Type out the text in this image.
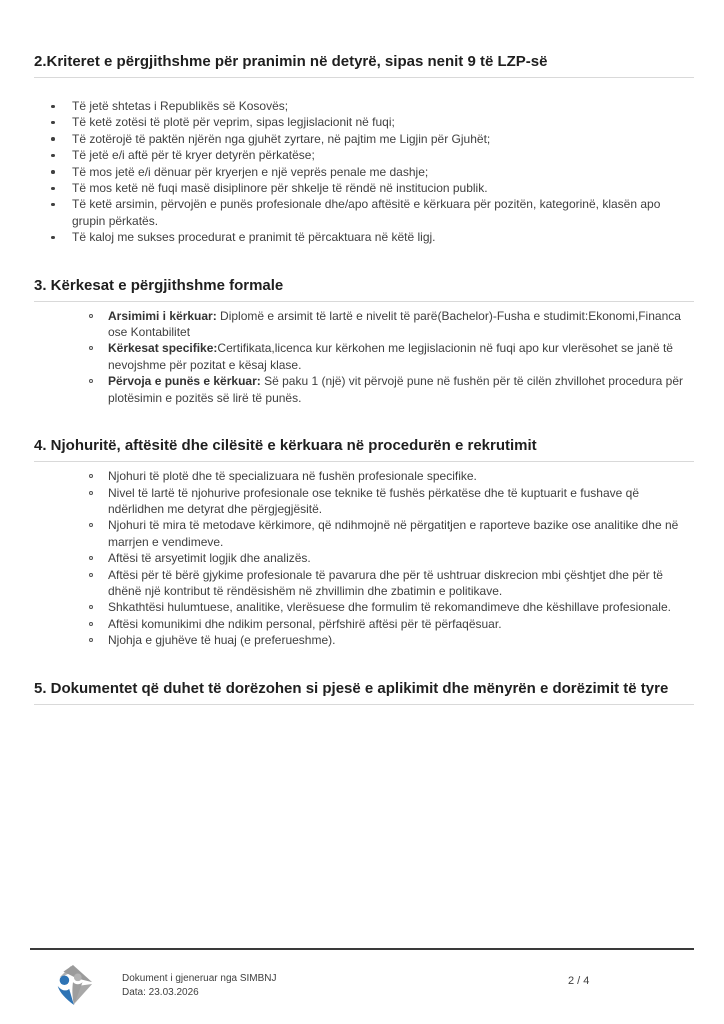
2.Kriteret e përgjithshme për pranimin në detyrë, sipas nenit 9 të LZP-së
Të jetë shtetas i Republikës së Kosovës;
Të ketë zotësi të plotë për veprim, sipas legjislacionit në fuqi;
Të zotërojë të paktën njërën nga gjuhët zyrtare, në pajtim me Ligjin për Gjuhët;
Të jetë e/i aftë për të kryer detyrën përkatëse;
Të mos jetë e/i dënuar për kryerjen e një veprës penale me dashje;
Të mos ketë në fuqi masë disiplinore për shkelje të rëndë në institucion publik.
Të ketë arsimin, përvojën e punës profesionale dhe/apo aftësitë e kërkuara për pozitën, kategorinë, klasën apo grupin përkatës.
Të kaloj me sukses procedurat e pranimit të përcaktuara në këtë ligj.
3. Kërkesat e përgjithshme formale
Arsimimi i kërkuar: Diplomë e arsimit të lartë e nivelit të parë(Bachelor)-Fusha e studimit:Ekonomi,Financa ose Kontabilitet
Kërkesat specifike:Certifikata,licenca kur kërkohen me legjislacionin në fuqi apo kur vlerësohet se janë të nevojshme për pozitat e kësaj klase.
Përvoja e punës e kërkuar: Së paku 1 (një) vit përvojë pune në fushën për të cilën zhvillohet procedura për plotësimin e pozitës së lirë të punës.
4. Njohuritë, aftësitë dhe cilësitë e kërkuara në procedurën e rekrutimit
Njohuri të plotë dhe të specializuara në fushën profesionale specifike.
Nivel të lartë të njohurive profesionale ose teknike të fushës përkatëse dhe të kuptuarit e fushave që ndërlidhen me detyrat dhe përgjegjësitë.
Njohuri të mira të metodave kërkimore, që ndihmojnë në përgatitjen e raporteve bazike ose analitike dhe në marrjen e vendimeve.
Aftësi të arsyetimit logjik dhe analizës.
Aftësi për të bërë gjykime profesionale të pavarura dhe për të ushtruar diskrecion mbi çështjet dhe për të dhënë një kontribut të rëndësishëm në zhvillimin dhe zbatimin e politikave.
Shkathtësi hulumtuese, analitike, vlerësuese dhe formulim të rekomandimeve dhe këshillave profesionale.
Aftësi komunikimi dhe ndikim personal, përfshirë aftësi për të përfaqësuar.
Njohja e gjuhëve të huaj (e preferueshme).
5. Dokumentet që duhet të dorëzohen si pjesë e aplikimit dhe mënyrën e dorëzimit të tyre
Dokument i gjeneruar nga SIMBNJ
Data: 23.03.2026
2 / 4
